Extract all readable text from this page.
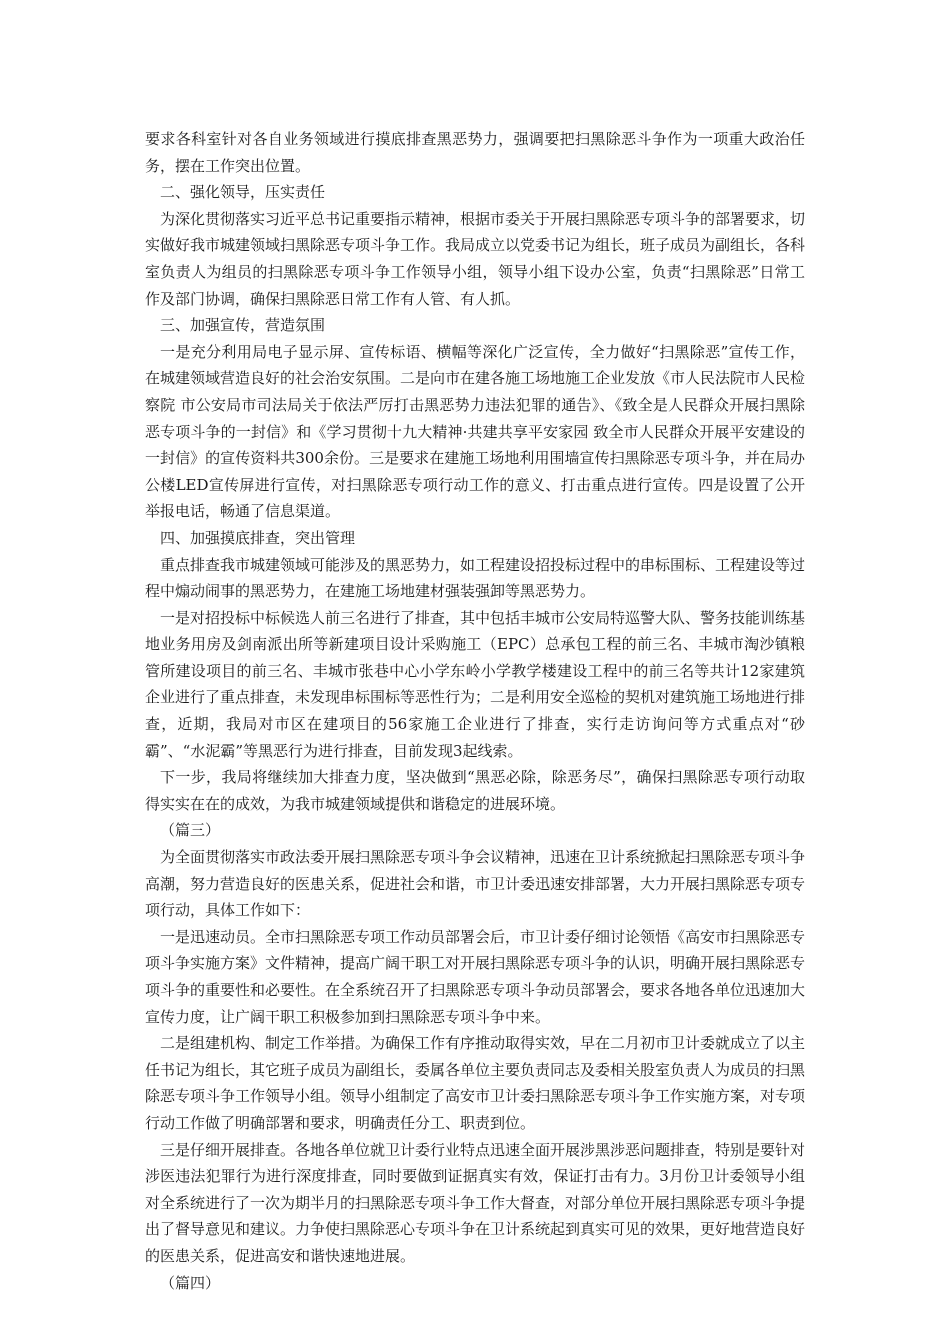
要求各科室针对各自业务领域进行摸底排查黑恶势力，强调要把扫黑除恶斗争作为一项重大政治任务，摆在工作突出位置。

二、强化领导，压实责任

为深化贯彻落实习近平总书记重要指示精神，根据市委关于开展扫黑除恶专项斗争的部署要求，切实做好我市城建领域扫黑除恶专项斗争工作。我局成立以党委书记为组长，班子成员为副组长，各科室负责人为组员的扫黑除恶专项斗争工作领导小组，领导小组下设办公室，负责“扫黑除恶”日常工作及部门协调，确保扫黑除恶日常工作有人管、有人抓。

三、加强宣传，营造氛围

一是充分利用局电子显示屏、宣传标语、横幅等深化广泛宣传，全力做好“扫黑除恶”宣传工作，在城建领域营造良好的社会治安氛围。二是向市在建各施工场地施工企业发放《市人民法院市人民检察院 市公安局市司法局关于依法严厉打击黑恶势力违法犯罪的通告》、《致全是人民群众开展扫黑除恶专项斗争的一封信》和《学习贯彻十九大精神·共建共享平安家园 致全市人民群众开展平安建设的一封信》的宣传资料共300余份。三是要求在建施工场地利用围墙宣传扫黑除恶专项斗争，并在局办公楼LED宣传屏进行宣传，对扫黑除恶专项行动工作的意义、打击重点进行宣传。四是设置了公开举报电话，畅通了信息渠道。

四、加强摸底排查，突出管理

重点排查我市城建领域可能涉及的黑恶势力，如工程建设招投标过程中的串标围标、工程建设等过程中煽动闹事的黑恶势力，在建施工场地建材强装强卸等黑恶势力。

一是对招投标中标候选人前三名进行了排查，其中包括丰城市公安局特巡警大队、警务技能训练基地业务用房及剑南派出所等新建项目设计采购施工（EPC）总承包工程的前三名、丰城市淘沙镇粮管所建设项目的前三名、丰城市张巷中心小学东岭小学教学楼建设工程中的前三名等共计12家建筑企业进行了重点排查，未发现串标围标等恶性行为；二是利用安全巡检的契机对建筑施工场地进行排查，近期，我局对市区在建项目的56家施工企业进行了排查，实行走访询问等方式重点对“砂霸”、“水泥霸”等黑恶行为进行排查，目前发现3起线索。

下一步，我局将继续加大排查力度，坚决做到“黑恶必除，除恶务尽”，确保扫黑除恶专项行动取得实实在在的成效，为我市城建领域提供和谐稳定的进展环境。

（篇三）

为全面贯彻落实市政法委开展扫黑除恶专项斗争会议精神，迅速在卫计系统掀起扫黑除恶专项斗争高潮，努力营造良好的医患关系，促进社会和谐，市卫计委迅速安排部署，大力开展扫黑除恶专项专项行动，具体工作如下：

一是迅速动员。全市扫黑除恶专项工作动员部署会后，市卫计委仔细讨论领悟《高安市扫黑除恶专项斗争实施方案》文件精神，提高广阔干职工对开展扫黑除恶专项斗争的认识，明确开展扫黑除恶专项斗争的重要性和必要性。在全系统召开了扫黑除恶专项斗争动员部署会，要求各地各单位迅速加大宣传力度，让广阔干职工积极参加到扫黑除恶专项斗争中来。

二是组建机构、制定工作举措。为确保工作有序推动取得实效，早在二月初市卫计委就成立了以主任书记为组长，其它班子成员为副组长，委属各单位主要负责同志及委相关股室负责人为成员的扫黑除恶专项斗争工作领导小组。领导小组制定了高安市卫计委扫黑除恶专项斗争工作实施方案，对专项行动工作做了明确部署和要求，明确责任分工、职责到位。

三是仔细开展排查。各地各单位就卫计委行业特点迅速全面开展涉黑涉恶问题排查，特别是要针对涉医违法犯罪行为进行深度排查，同时要做到证据真实有效，保证打击有力。3月份卫计委领导小组对全系统进行了一次为期半月的扫黑除恶专项斗争工作大督查，对部分单位开展扫黑除恶专项斗争提出了督导意见和建议。力争使扫黑除恶心专项斗争在卫计系统起到真实可见的效果，更好地营造良好的医患关系，促进高安和谐快速地进展。

（篇四）
